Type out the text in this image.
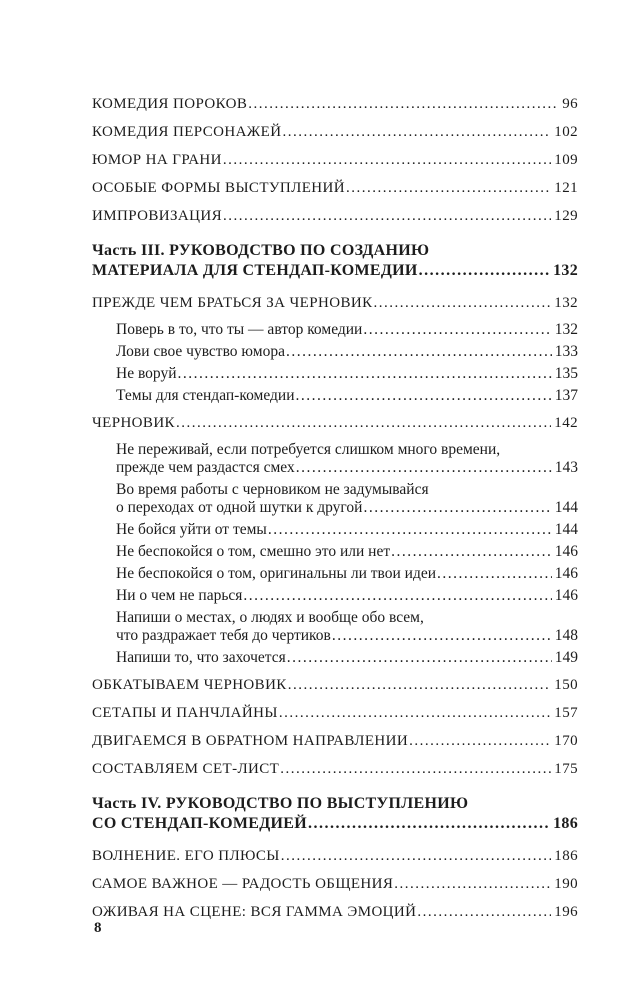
КОМЕДИЯ ПОРОКОВ .....	96
КОМЕДИЯ ПЕРСОНАЖЕЙ .....	102
ЮМОР НА ГРАНИ .....	109
ОСОБЫЕ ФОРМЫ ВЫСТУПЛЕНИЙ .....	121
ИМПРОВИЗАЦИЯ .....	129
Часть III. РУКОВОДСТВО ПО СОЗДАНИЮ
МАТЕРИАЛА ДЛЯ СТЕНДАП-КОМЕДИИ .....	132
ПРЕЖДЕ ЧЕМ БРАТЬСЯ ЗА ЧЕРНОВИК .....	132
Поверь в то, что ты — автор комедии .....	132
Лови свое чувство юмора .....	133
Не воруй .....	135
Темы для стендап-комедии .....	137
ЧЕРНОВИК .....	142
Не переживай, если потребуется слишком много времени,
прежде чем раздастся смех .....	143
Во время работы с черновиком не задумывайся
о переходах от одной шутки к другой .....	144
Не бойся уйти от темы .....	144
Не беспокойся о том, смешно это или нет .....	146
Не беспокойся о том, оригинальны ли твои идеи .....	146
Ни о чем не парься .....	146
Напиши о местах, о людях и вообще обо всем,
что раздражает тебя до чертиков .....	148
Напиши то, что захочется .....	149
ОБКАТЫВАЕМ ЧЕРНОВИК .....	150
СЕТАПЫ И ПАНЧЛАЙНЫ .....	157
ДВИГАЕМСЯ В ОБРАТНОМ НАПРАВЛЕНИИ .....	170
СОСТАВЛЯЕМ СЕТ-ЛИСТ .....	175
Часть IV. РУКОВОДСТВО ПО ВЫСТУПЛЕНИЮ
СО СТЕНДАП-КОМЕДИЕЙ .....	186
ВОЛНЕНИЕ. ЕГО ПЛЮСЫ .....	186
САМОЕ ВАЖНОЕ — РАДОСТЬ ОБЩЕНИЯ .....	190
ОЖИВАЯ НА СЦЕНЕ: ВСЯ ГАММА ЭМОЦИЙ .....	196
8
